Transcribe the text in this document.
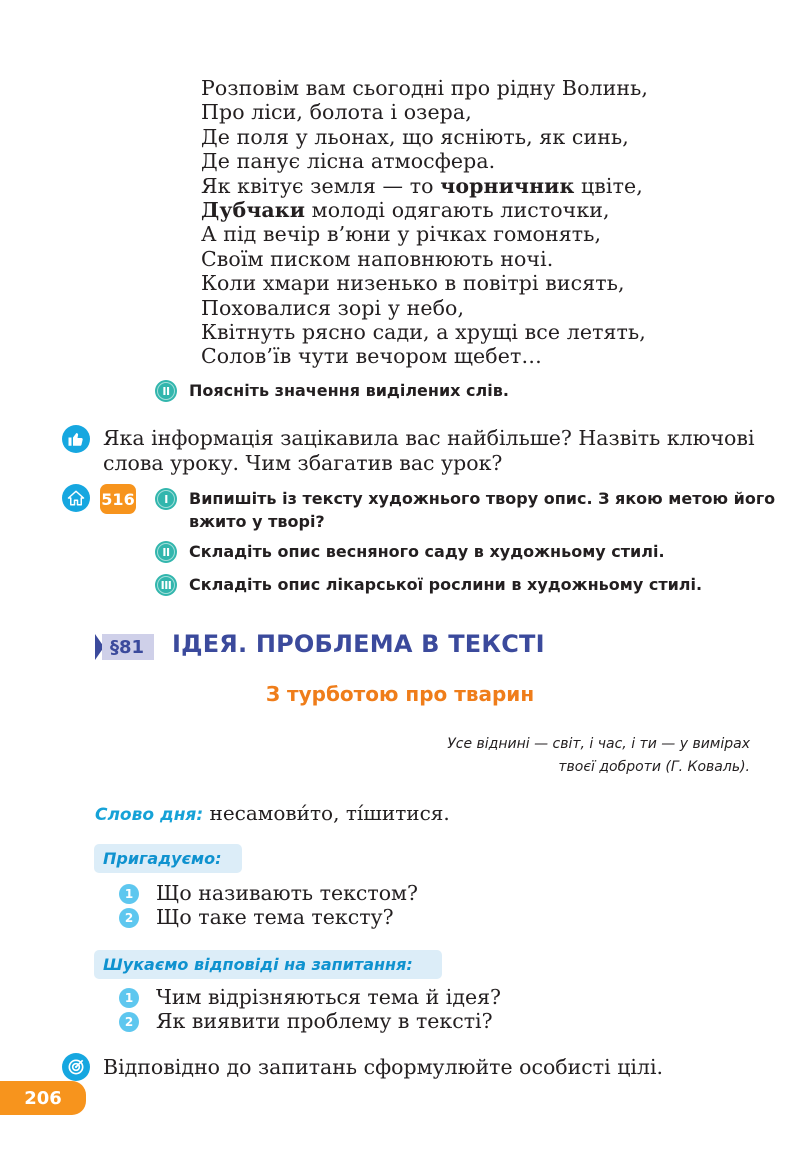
Розповім вам сьогодні про рідну Волинь,
Про ліси, болота і озера,
Де поля у льонах, що яснiють, як синь,
Де панує лісна атмосфера.
Як квітує земля — то чорничник цвіте,
Дубчаки молоді одягають листочки,
А під вечір в’юни у річках гомонять,
Своїм писком наповнюють ночі.
Коли хмари низенько в повітрі висять,
Поховалися зорі у небо,
Квітнуть рясно сади, а хрущі все летять,
Солов’їв чути вечором щебет…
II Поясніть значення виділених слів.
Яка інформація зацікавила вас найбільше? Назвіть ключові
слова уроку. Чим збагатив вас урок?
516	I Випишіть із тексту художнього твору опис. З якою метою його
вжито у творі?
II Складіть опис весняного саду в художньому стилі.
III Складіть опис лікарської рослини в художньому стилі.
§81	ІДЕЯ. ПРОБЛЕМА В ТЕКСТІ
З турботою про тварин
Усе віднині — світ, і час, і ти — у вимірах
твоєї доброти (Г. Коваль).
Слово дня: несамови́то, ті́шитися.
Пригадуємо:
1 Що називають текстом?
2 Що таке тема тексту?
Шукаємо відповіді на запитання:
1 Чим відрізняються тема й ідея?
2 Як виявити проблему в тексті?
Відповідно до запитань сформулюйте особисті цілі.
206
